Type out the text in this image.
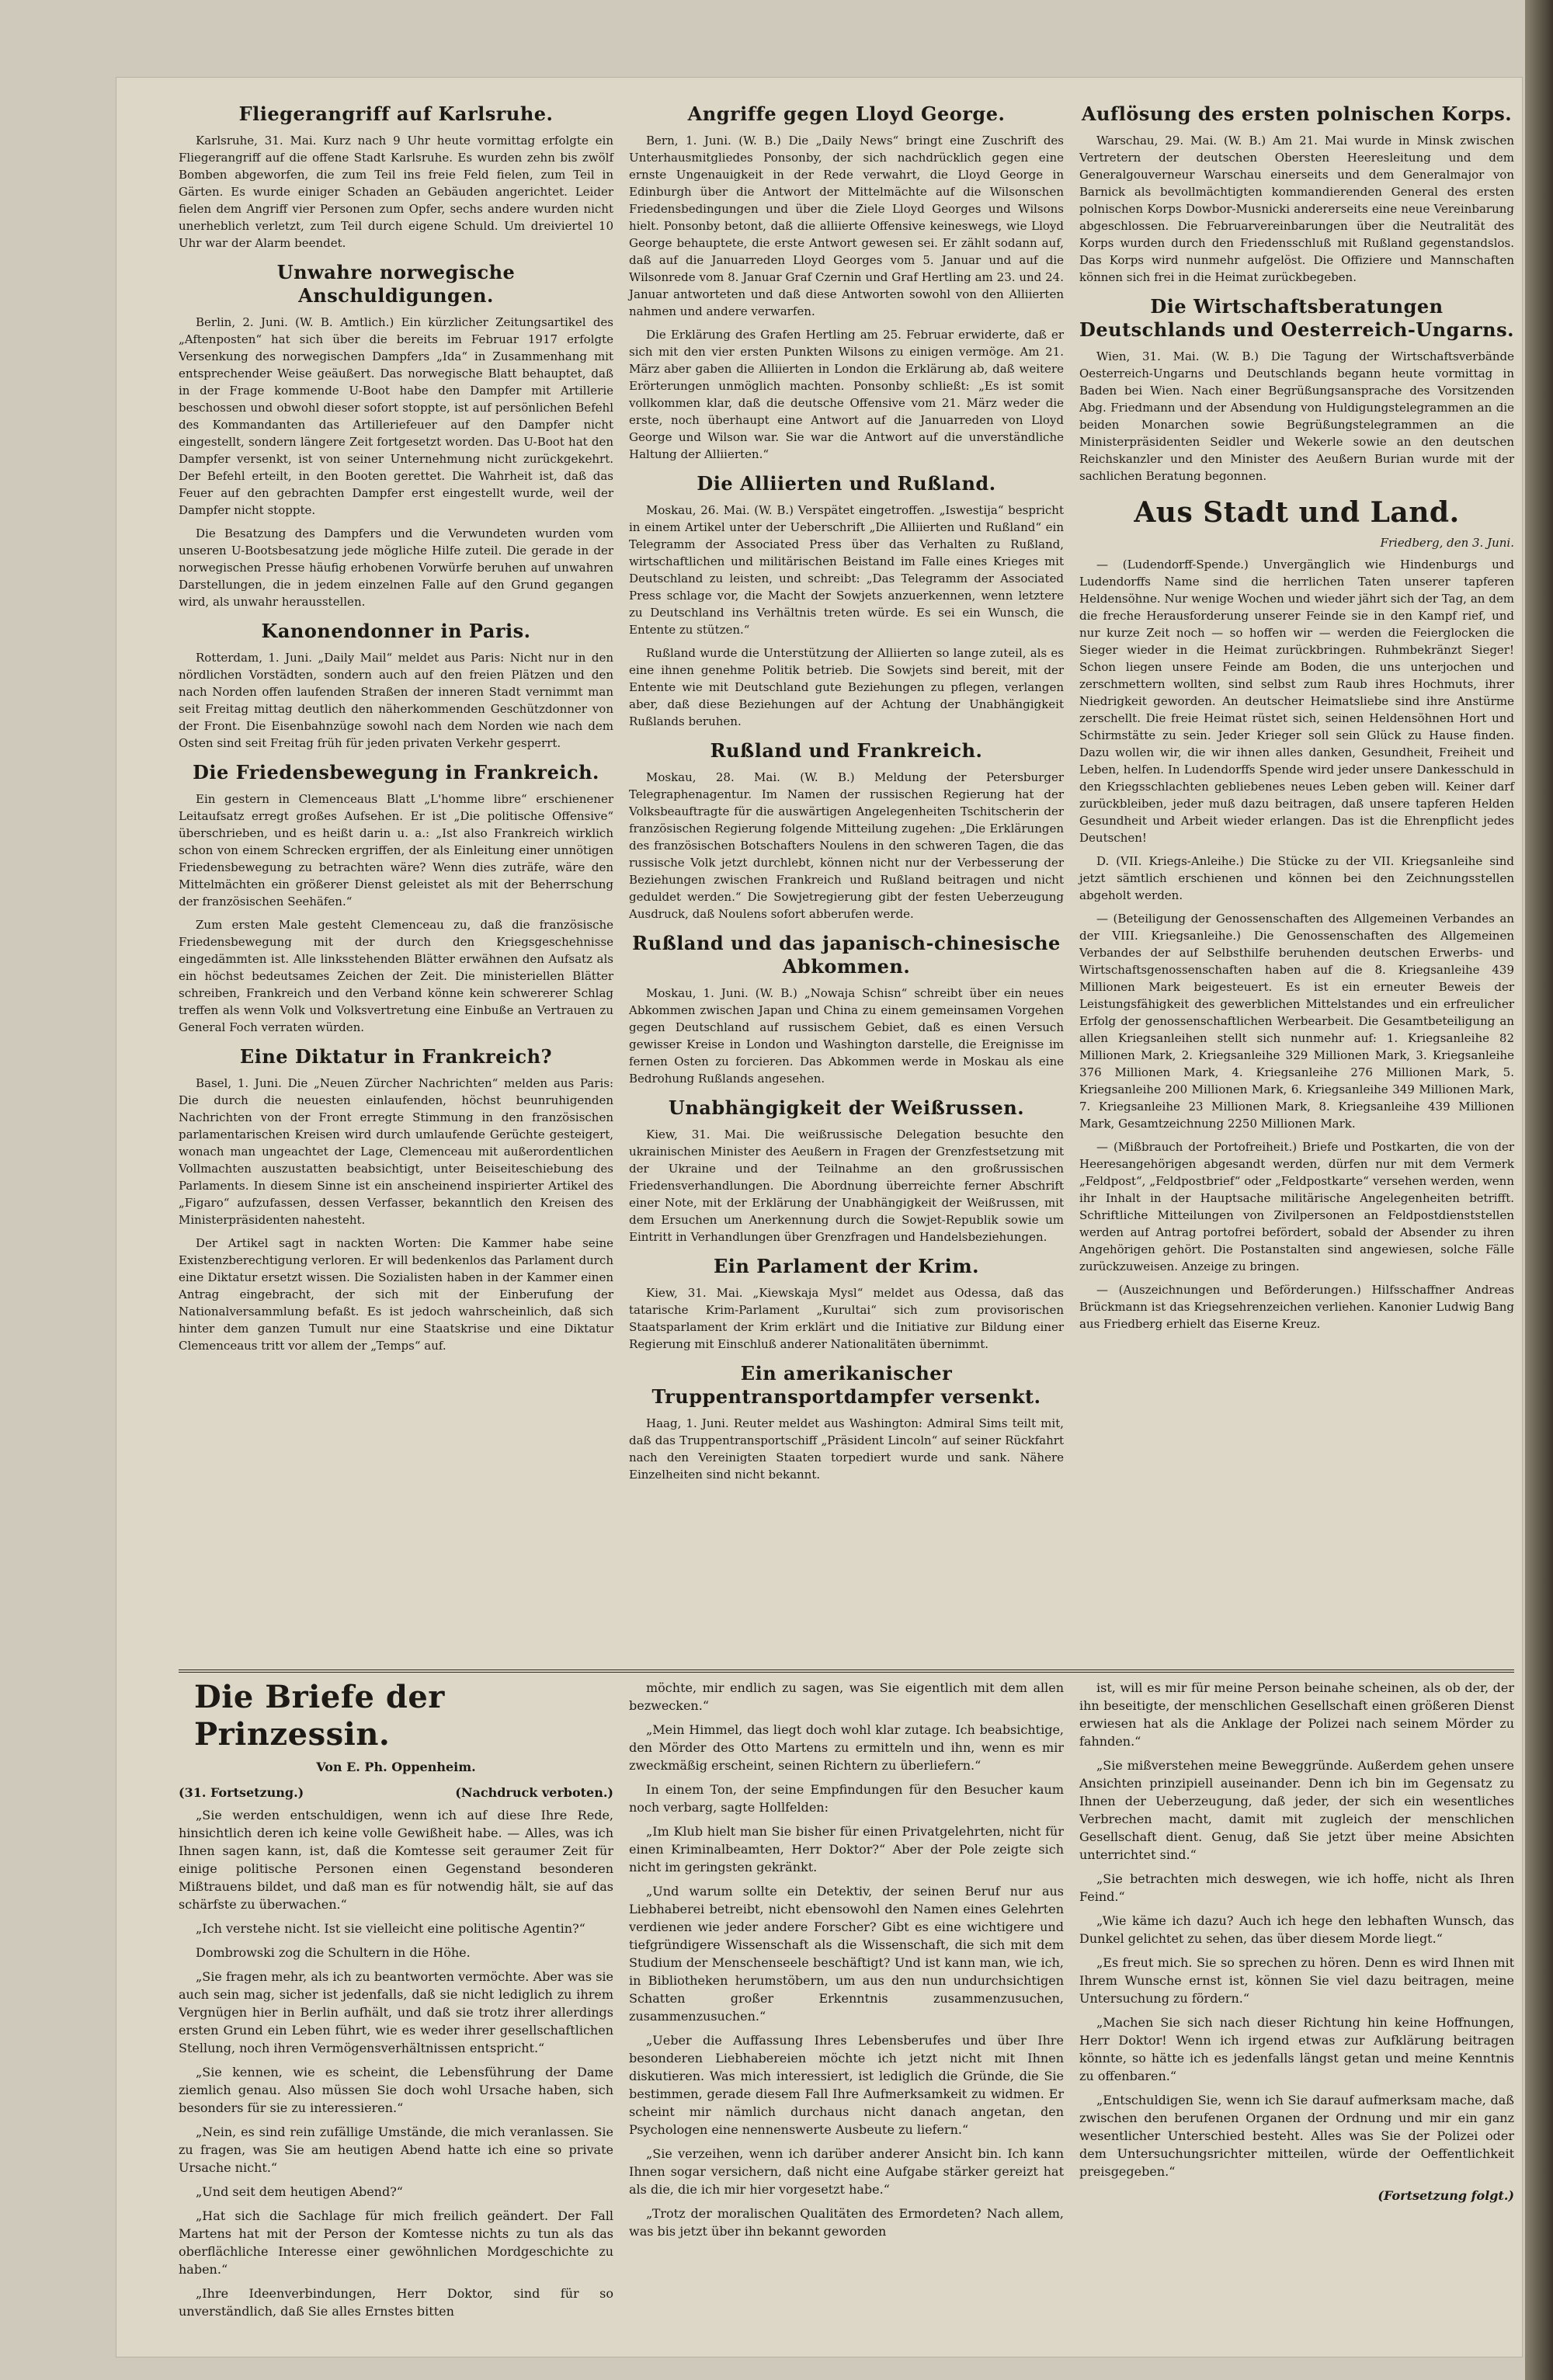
Fliegerangriff auf Karlsruhe.

Karlsruhe, 31. Mai. Kurz nach 9 Uhr heute vormittag erfolgte ein Fliegerangriff auf die offene Stadt Karlsruhe. Es wurden zehn bis zwölf Bomben abgeworfen, die zum Teil ins freie Feld fielen, zum Teil in Gärten. Es wurde einiger Schaden an Gebäuden angerichtet. Leider fielen dem Angriff vier Personen zum Opfer, sechs andere wurden nicht unerheblich verletzt, zum Teil durch eigene Schuld. Um dreiviertel 10 Uhr war der Alarm beendet.

Unwahre norwegische Anschuldigungen.

Berlin, 2. Juni. (W. B. Amtlich.) Ein kürzlicher Zeitungsartikel des „Aftenposten“ hat sich über die bereits im Februar 1917 erfolgte Versenkung des norwegischen Dampfers „Ida“ in Zusammenhang mit entsprechender Weise geäußert. Das norwegische Blatt behauptet, daß in der Frage kommende U-Boot habe den Dampfer mit Artillerie beschossen und obwohl dieser sofort stoppte, ist auf persönlichen Befehl des Kommandanten das Artilleriefeuer auf den Dampfer nicht eingestellt, sondern längere Zeit fortgesetzt worden. Das U-Boot hat den Dampfer versenkt, ist von seiner Unternehmung nicht zurückgekehrt. Der Befehl erteilt, in den Booten gerettet. Die Wahrheit ist, daß das Feuer auf den gebrachten Dampfer erst eingestellt wurde, weil der Dampfer nicht stoppte.

Die Besatzung des Dampfers und die Verwundeten wurden vom unseren U-Bootsbesatzung jede mögliche Hilfe zuteil. Die gerade in der norwegischen Presse häufig erhobenen Vorwürfe beruhen auf unwahren Darstellungen, die in jedem einzelnen Falle auf den Grund gegangen wird, als unwahr herausstellen.

Kanonendonner in Paris.

Rotterdam, 1. Juni. „Daily Mail“ meldet aus Paris: Nicht nur in den nördlichen Vorstädten, sondern auch auf den freien Plätzen und den nach Norden offen laufenden Straßen der inneren Stadt vernimmt man seit Freitag mittag deutlich den näherkommenden Geschützdonner von der Front. Die Eisenbahnzüge sowohl nach dem Norden wie nach dem Osten sind seit Freitag früh für jeden privaten Verkehr gesperrt.

Die Friedensbewegung in Frankreich.

Ein gestern in Clemenceaus Blatt „L'homme libre“ erschienener Leitaufsatz erregt großes Aufsehen. Er ist „Die politische Offensive“ überschrieben, und es heißt darin u. a.: „Ist also Frankreich wirklich schon von einem Schrecken ergriffen, der als Einleitung einer unnötigen Friedensbewegung zu betrachten wäre? Wenn dies zuträfe, wäre den Mittelmächten ein größerer Dienst geleistet als mit der Beherrschung der französischen Seehäfen.“

Zum ersten Male gesteht Clemenceau zu, daß die französische Friedensbewegung mit der durch den Kriegsgeschehnisse eingedämmten ist. Alle linksstehenden Blätter erwähnen den Aufsatz als ein höchst bedeutsames Zeichen der Zeit. Die ministeriellen Blätter schreiben, Frankreich und den Verband könne kein schwererer Schlag treffen als wenn Volk und Volksvertretung eine Einbuße an Vertrauen zu General Foch verraten würden.

Eine Diktatur in Frankreich?

Basel, 1. Juni. Die „Neuen Zürcher Nachrichten“ melden aus Paris: Die durch die neuesten einlaufenden, höchst beunruhigenden Nachrichten von der Front erregte Stimmung in den französischen parlamentarischen Kreisen wird durch umlaufende Gerüchte gesteigert, wonach man ungeachtet der Lage, Clemenceau mit außerordentlichen Vollmachten auszustatten beabsichtigt, unter Beiseiteschiebung des Parlaments. In diesem Sinne ist ein anscheinend inspirierter Artikel des „Figaro“ aufzufassen, dessen Verfasser, bekanntlich den Kreisen des Ministerpräsidenten nahesteht.

Der Artikel sagt in nackten Worten: Die Kammer habe seine Existenzberechtigung verloren. Er will bedenkenlos das Parlament durch eine Diktatur ersetzt wissen. Die Sozialisten haben in der Kammer einen Antrag eingebracht, der sich mit der Einberufung der Nationalversammlung befaßt. Es ist jedoch wahrscheinlich, daß sich hinter dem ganzen Tumult nur eine Staatskrise und eine Diktatur Clemenceaus tritt vor allem der „Temps“ auf.

Angriffe gegen Lloyd George.

Bern, 1. Juni. (W. B.) Die „Daily News“ bringt eine Zuschrift des Unterhausmitgliedes Ponsonby, der sich nachdrücklich gegen eine ernste Ungenauigkeit in der Rede verwahrt, die Lloyd George in Edinburgh über die Antwort der Mittelmächte auf die Wilsonschen Friedensbedingungen und über die Ziele Lloyd Georges und Wilsons hielt. Ponsonby betont, daß die alliierte Offensive keineswegs, wie Lloyd George behauptete, die erste Antwort gewesen sei. Er zählt sodann auf, daß auf die Januarreden Lloyd Georges vom 5. Januar und auf die Wilsonrede vom 8. Januar Graf Czernin und Graf Hertling am 23. und 24. Januar antworteten und daß diese Antworten sowohl von den Alliierten nahmen und andere verwarfen.

Die Erklärung des Grafen Hertling am 25. Februar erwiderte, daß er sich mit den vier ersten Punkten Wilsons zu einigen vermöge. Am 21. März aber gaben die Alliierten in London die Erklärung ab, daß weitere Erörterungen unmöglich machten. Ponsonby schließt: „Es ist somit vollkommen klar, daß die deutsche Offensive vom 21. März weder die erste, noch überhaupt eine Antwort auf die Januarreden von Lloyd George und Wilson war. Sie war die Antwort auf die unverständliche Haltung der Alliierten.“

Die Alliierten und Rußland.

Moskau, 26. Mai. (W. B.) Verspätet eingetroffen. „Iswestija“ bespricht in einem Artikel unter der Ueberschrift „Die Alliierten und Rußland“ ein Telegramm der Associated Press über das Verhalten zu Rußland, wirtschaftlichen und militärischen Beistand im Falle eines Krieges mit Deutschland zu leisten, und schreibt: „Das Telegramm der Associated Press schlage vor, die Macht der Sowjets anzuerkennen, wenn letztere zu Deutschland ins Verhältnis treten würde. Es sei ein Wunsch, die Entente zu stützen.“

Rußland wurde die Unterstützung der Alliierten so lange zuteil, als es eine ihnen genehme Politik betrieb. Die Sowjets sind bereit, mit der Entente wie mit Deutschland gute Beziehungen zu pflegen, verlangen aber, daß diese Beziehungen auf der Achtung der Unabhängigkeit Rußlands beruhen.

Rußland und Frankreich.

Moskau, 28. Mai. (W. B.) Meldung der Petersburger Telegraphenagentur. Im Namen der russischen Regierung hat der Volksbeauftragte für die auswärtigen Angelegenheiten Tschitscherin der französischen Regierung folgende Mitteilung zugehen: „Die Erklärungen des französischen Botschafters Noulens in den schweren Tagen, die das russische Volk jetzt durchlebt, können nicht nur der Verbesserung der Beziehungen zwischen Frankreich und Rußland beitragen und nicht geduldet werden.“ Die Sowjetregierung gibt der festen Ueberzeugung Ausdruck, daß Noulens sofort abberufen werde.

Rußland und das japanisch-chinesische Abkommen.

Moskau, 1. Juni. (W. B.) „Nowaja Schisn“ schreibt über ein neues Abkommen zwischen Japan und China zu einem gemeinsamen Vorgehen gegen Deutschland auf russischem Gebiet, daß es einen Versuch gewisser Kreise in London und Washington darstelle, die Ereignisse im fernen Osten zu forcieren. Das Abkommen werde in Moskau als eine Bedrohung Rußlands angesehen.

Unabhängigkeit der Weißrussen.

Kiew, 31. Mai. Die weißrussische Delegation besuchte den ukrainischen Minister des Aeußern in Fragen der Grenzfestsetzung mit der Ukraine und der Teilnahme an den großrussischen Friedensverhandlungen. Die Abordnung überreichte ferner Abschrift einer Note, mit der Erklärung der Unabhängigkeit der Weißrussen, mit dem Ersuchen um Anerkennung durch die Sowjet-Republik sowie um Eintritt in Verhandlungen über Grenzfragen und Handelsbeziehungen.

Ein Parlament der Krim.

Kiew, 31. Mai. „Kiewskaja Mysl“ meldet aus Odessa, daß das tatarische Krim-Parlament „Kurultai“ sich zum provisorischen Staatsparlament der Krim erklärt und die Initiative zur Bildung einer Regierung mit Einschluß anderer Nationalitäten übernimmt.

Ein amerikanischer Truppentransportdampfer versenkt.

Haag, 1. Juni. Reuter meldet aus Washington: Admiral Sims teilt mit, daß das Truppentransportschiff „Präsident Lincoln“ auf seiner Rückfahrt nach den Vereinigten Staaten torpediert wurde und sank. Nähere Einzelheiten sind nicht bekannt.

Auflösung des ersten polnischen Korps.

Warschau, 29. Mai. (W. B.) Am 21. Mai wurde in Minsk zwischen Vertretern der deutschen Obersten Heeresleitung und dem Generalgouverneur Warschau einerseits und dem Generalmajor von Barnick als bevollmächtigten kommandierenden General des ersten polnischen Korps Dowbor-Musnicki andererseits eine neue Vereinbarung abgeschlossen. Die Februarvereinbarungen über die Neutralität des Korps wurden durch den Friedensschluß mit Rußland gegenstandslos. Das Korps wird nunmehr aufgelöst. Die Offiziere und Mannschaften können sich frei in die Heimat zurückbegeben.

Die Wirtschaftsberatungen Deutschlands und Oesterreich-Ungarns.

Wien, 31. Mai. (W. B.) Die Tagung der Wirtschaftsverbände Oesterreich-Ungarns und Deutschlands begann heute vormittag in Baden bei Wien. Nach einer Begrüßungsansprache des Vorsitzenden Abg. Friedmann und der Absendung von Huldigungstelegrammen an die beiden Monarchen sowie Begrüßungstelegrammen an die Ministerpräsidenten Seidler und Wekerle sowie an den deutschen Reichskanzler und den Minister des Aeußern Burian wurde mit der sachlichen Beratung begonnen.

Aus Stadt und Land.
Friedberg, den 3. Juni.

— (Ludendorff-Spende.) Unvergänglich wie Hindenburgs und Ludendorffs Name sind die herrlichen Taten unserer tapferen Heldensöhne. Nur wenige Wochen und wieder jährt sich der Tag, an dem die freche Herausforderung unserer Feinde sie in den Kampf rief, und nur kurze Zeit noch — so hoffen wir — werden die Feierglocken die Sieger wieder in die Heimat zurückbringen. Ruhmbekränzt Sieger! Schon liegen unsere Feinde am Boden, die uns unterjochen und zerschmettern wollten, sind selbst zum Raub ihres Hochmuts, ihrer Niedrigkeit geworden. An deutscher Heimatsliebe sind ihre Anstürme zerschellt. Die freie Heimat rüstet sich, seinen Heldensöhnen Hort und Schirmstätte zu sein. Jeder Krieger soll sein Glück zu Hause finden. Dazu wollen wir, die wir ihnen alles danken, Gesundheit, Freiheit und Leben, helfen. In Ludendorffs Spende wird jeder unsere Dankesschuld in den Kriegsschlachten gebliebenes neues Leben geben will. Keiner darf zurückbleiben, jeder muß dazu beitragen, daß unsere tapferen Helden Gesundheit und Arbeit wieder erlangen. Das ist die Ehrenpflicht jedes Deutschen!

D. (VII. Kriegs-Anleihe.) Die Stücke zu der VII. Kriegsanleihe sind jetzt sämtlich erschienen und können bei den Zeichnungsstellen abgeholt werden.

— (Beteiligung der Genossenschaften des Allgemeinen Verbandes an der VIII. Kriegsanleihe.) Die Genossenschaften des Allgemeinen Verbandes der auf Selbsthilfe beruhenden deutschen Erwerbs- und Wirtschaftsgenossenschaften haben auf die 8. Kriegsanleihe 439 Millionen Mark beigesteuert. Es ist ein erneuter Beweis der Leistungsfähigkeit des gewerblichen Mittelstandes und ein erfreulicher Erfolg der genossenschaftlichen Werbearbeit. Die Gesamtbeteiligung an allen Kriegsanleihen stellt sich nunmehr auf: 1. Kriegsanleihe 82 Millionen Mark, 2. Kriegsanleihe 329 Millionen Mark, 3. Kriegsanleihe 376 Millionen Mark, 4. Kriegsanleihe 276 Millionen Mark, 5. Kriegsanleihe 200 Millionen Mark, 6. Kriegsanleihe 349 Millionen Mark, 7. Kriegsanleihe 23 Millionen Mark, 8. Kriegsanleihe 439 Millionen Mark, Gesamtzeichnung 2250 Millionen Mark.

— (Mißbrauch der Portofreiheit.) Briefe und Postkarten, die von der Heeresangehörigen abgesandt werden, dürfen nur mit dem Vermerk „Feldpost“, „Feldpostbrief“ oder „Feldpostkarte“ versehen werden, wenn ihr Inhalt in der Hauptsache militärische Angelegenheiten betrifft. Schriftliche Mitteilungen von Zivilpersonen an Feldpostdienststellen werden auf Antrag portofrei befördert, sobald der Absender zu ihren Angehörigen gehört. Die Postanstalten sind angewiesen, solche Fälle zurückzuweisen. Anzeige zu bringen.

— (Auszeichnungen und Beförderungen.) Hilfsschaffner Andreas Brückmann ist das Kriegsehrenzeichen verliehen. Kanonier Ludwig Bang aus Friedberg erhielt das Eiserne Kreuz.

Die Briefe der Prinzessin.
Von E. Ph. Oppenheim.
(31. Fortsetzung.)	(Nachdruck verboten.)

„Sie werden entschuldigen, wenn ich auf diese Ihre Rede, hinsichtlich deren ich keine volle Gewißheit habe. — Alles, was ich Ihnen sagen kann, ist, daß die Komtesse seit geraumer Zeit für einige politische Personen einen Gegenstand besonderen Mißtrauens bildet, und daß man es für notwendig hält, sie auf das schärfste zu überwachen.“

„Ich verstehe nicht. Ist sie vielleicht eine politische Agentin?“

Dombrowski zog die Schultern in die Höhe.

„Sie fragen mehr, als ich zu beantworten vermöchte. Aber was sie auch sein mag, sicher ist jedenfalls, daß sie nicht lediglich zu ihrem Vergnügen hier in Berlin aufhält, und daß sie trotz ihrer allerdings ersten Grund ein Leben führt, wie es weder ihrer gesellschaftlichen Stellung, noch ihren Vermögensverhältnissen entspricht.“

„Sie kennen, wie es scheint, die Lebensführung der Dame ziemlich genau. Also müssen Sie doch wohl Ursache haben, sich besonders für sie zu interessieren.“

„Nein, es sind rein zufällige Umstände, die mich veranlassen. Sie zu fragen, was Sie am heutigen Abend hatte ich eine so private Ursache nicht.“

„Und seit dem heutigen Abend?“

„Hat sich die Sachlage für mich freilich geändert. Der Fall Martens hat mit der Person der Komtesse nichts zu tun als das oberflächliche Interesse einer gewöhnlichen Mordgeschichte zu haben.“

„Ihre Ideenverbindungen, Herr Doktor, sind für so unverständlich, daß Sie alles Ernstes bitten

möchte, mir endlich zu sagen, was Sie eigentlich mit dem allen bezwecken.“

„Mein Himmel, das liegt doch wohl klar zutage. Ich beabsichtige, den Mörder des Otto Martens zu ermitteln und ihn, wenn es mir zweckmäßig erscheint, seinen Richtern zu überliefern.“

In einem Ton, der seine Empfindungen für den Besucher kaum noch verbarg, sagte Hollfelden:

„Im Klub hielt man Sie bisher für einen Privatgelehrten, nicht für einen Kriminalbeamten, Herr Doktor?“ Aber der Pole zeigte sich nicht im geringsten gekränkt.

„Und warum sollte ein Detektiv, der seinen Beruf nur aus Liebhaberei betreibt, nicht ebensowohl den Namen eines Gelehrten verdienen wie jeder andere Forscher? Gibt es eine wichtigere und tiefgründigere Wissenschaft als die Wissenschaft, die sich mit dem Studium der Menschenseele beschäftigt? Und ist kann man, wie ich, in Bibliotheken herumstöbern, um aus den nun undurchsichtigen Schatten großer Erkenntnis zusammenzusuchen, zusammenzusuchen.“

„Ueber die Auffassung Ihres Lebensberufes und über Ihre besonderen Liebhabereien möchte ich jetzt nicht mit Ihnen diskutieren. Was mich interessiert, ist lediglich die Gründe, die Sie bestimmen, gerade diesem Fall Ihre Aufmerksamkeit zu widmen. Er scheint mir nämlich durchaus nicht danach angetan, den Psychologen eine nennenswerte Ausbeute zu liefern.“

„Sie verzeihen, wenn ich darüber anderer Ansicht bin. Ich kann Ihnen sogar versichern, daß nicht eine Aufgabe stärker gereizt hat als die, die ich mir hier vorgesetzt habe.“

„Trotz der moralischen Qualitäten des Ermordeten? Nach allem, was bis jetzt über ihn bekannt geworden

ist, will es mir für meine Person beinahe scheinen, als ob der, der ihn beseitigte, der menschlichen Gesellschaft einen größeren Dienst erwiesen hat als die Anklage der Polizei nach seinem Mörder zu fahnden.“

„Sie mißverstehen meine Beweggründe. Außerdem gehen unsere Ansichten prinzipiell auseinander. Denn ich bin im Gegensatz zu Ihnen der Ueberzeugung, daß jeder, der sich ein wesentliches Verbrechen macht, damit mit zugleich der menschlichen Gesellschaft dient. Genug, daß Sie jetzt über meine Absichten unterrichtet sind.“

„Sie betrachten mich deswegen, wie ich hoffe, nicht als Ihren Feind.“

„Wie käme ich dazu? Auch ich hege den lebhaften Wunsch, das Dunkel gelichtet zu sehen, das über diesem Morde liegt.“

„Es freut mich. Sie so sprechen zu hören. Denn es wird Ihnen mit Ihrem Wunsche ernst ist, können Sie viel dazu beitragen, meine Untersuchung zu fördern.“

„Machen Sie sich nach dieser Richtung hin keine Hoffnungen, Herr Doktor! Wenn ich irgend etwas zur Aufklärung beitragen könnte, so hätte ich es jedenfalls längst getan und meine Kenntnis zu offenbaren.“

„Entschuldigen Sie, wenn ich Sie darauf aufmerksam mache, daß zwischen den berufenen Organen der Ordnung und mir ein ganz wesentlicher Unterschied besteht. Alles was Sie der Polizei oder dem Untersuchungsrichter mitteilen, würde der Oeffentlichkeit preisgegeben.“

(Fortsetzung folgt.)
